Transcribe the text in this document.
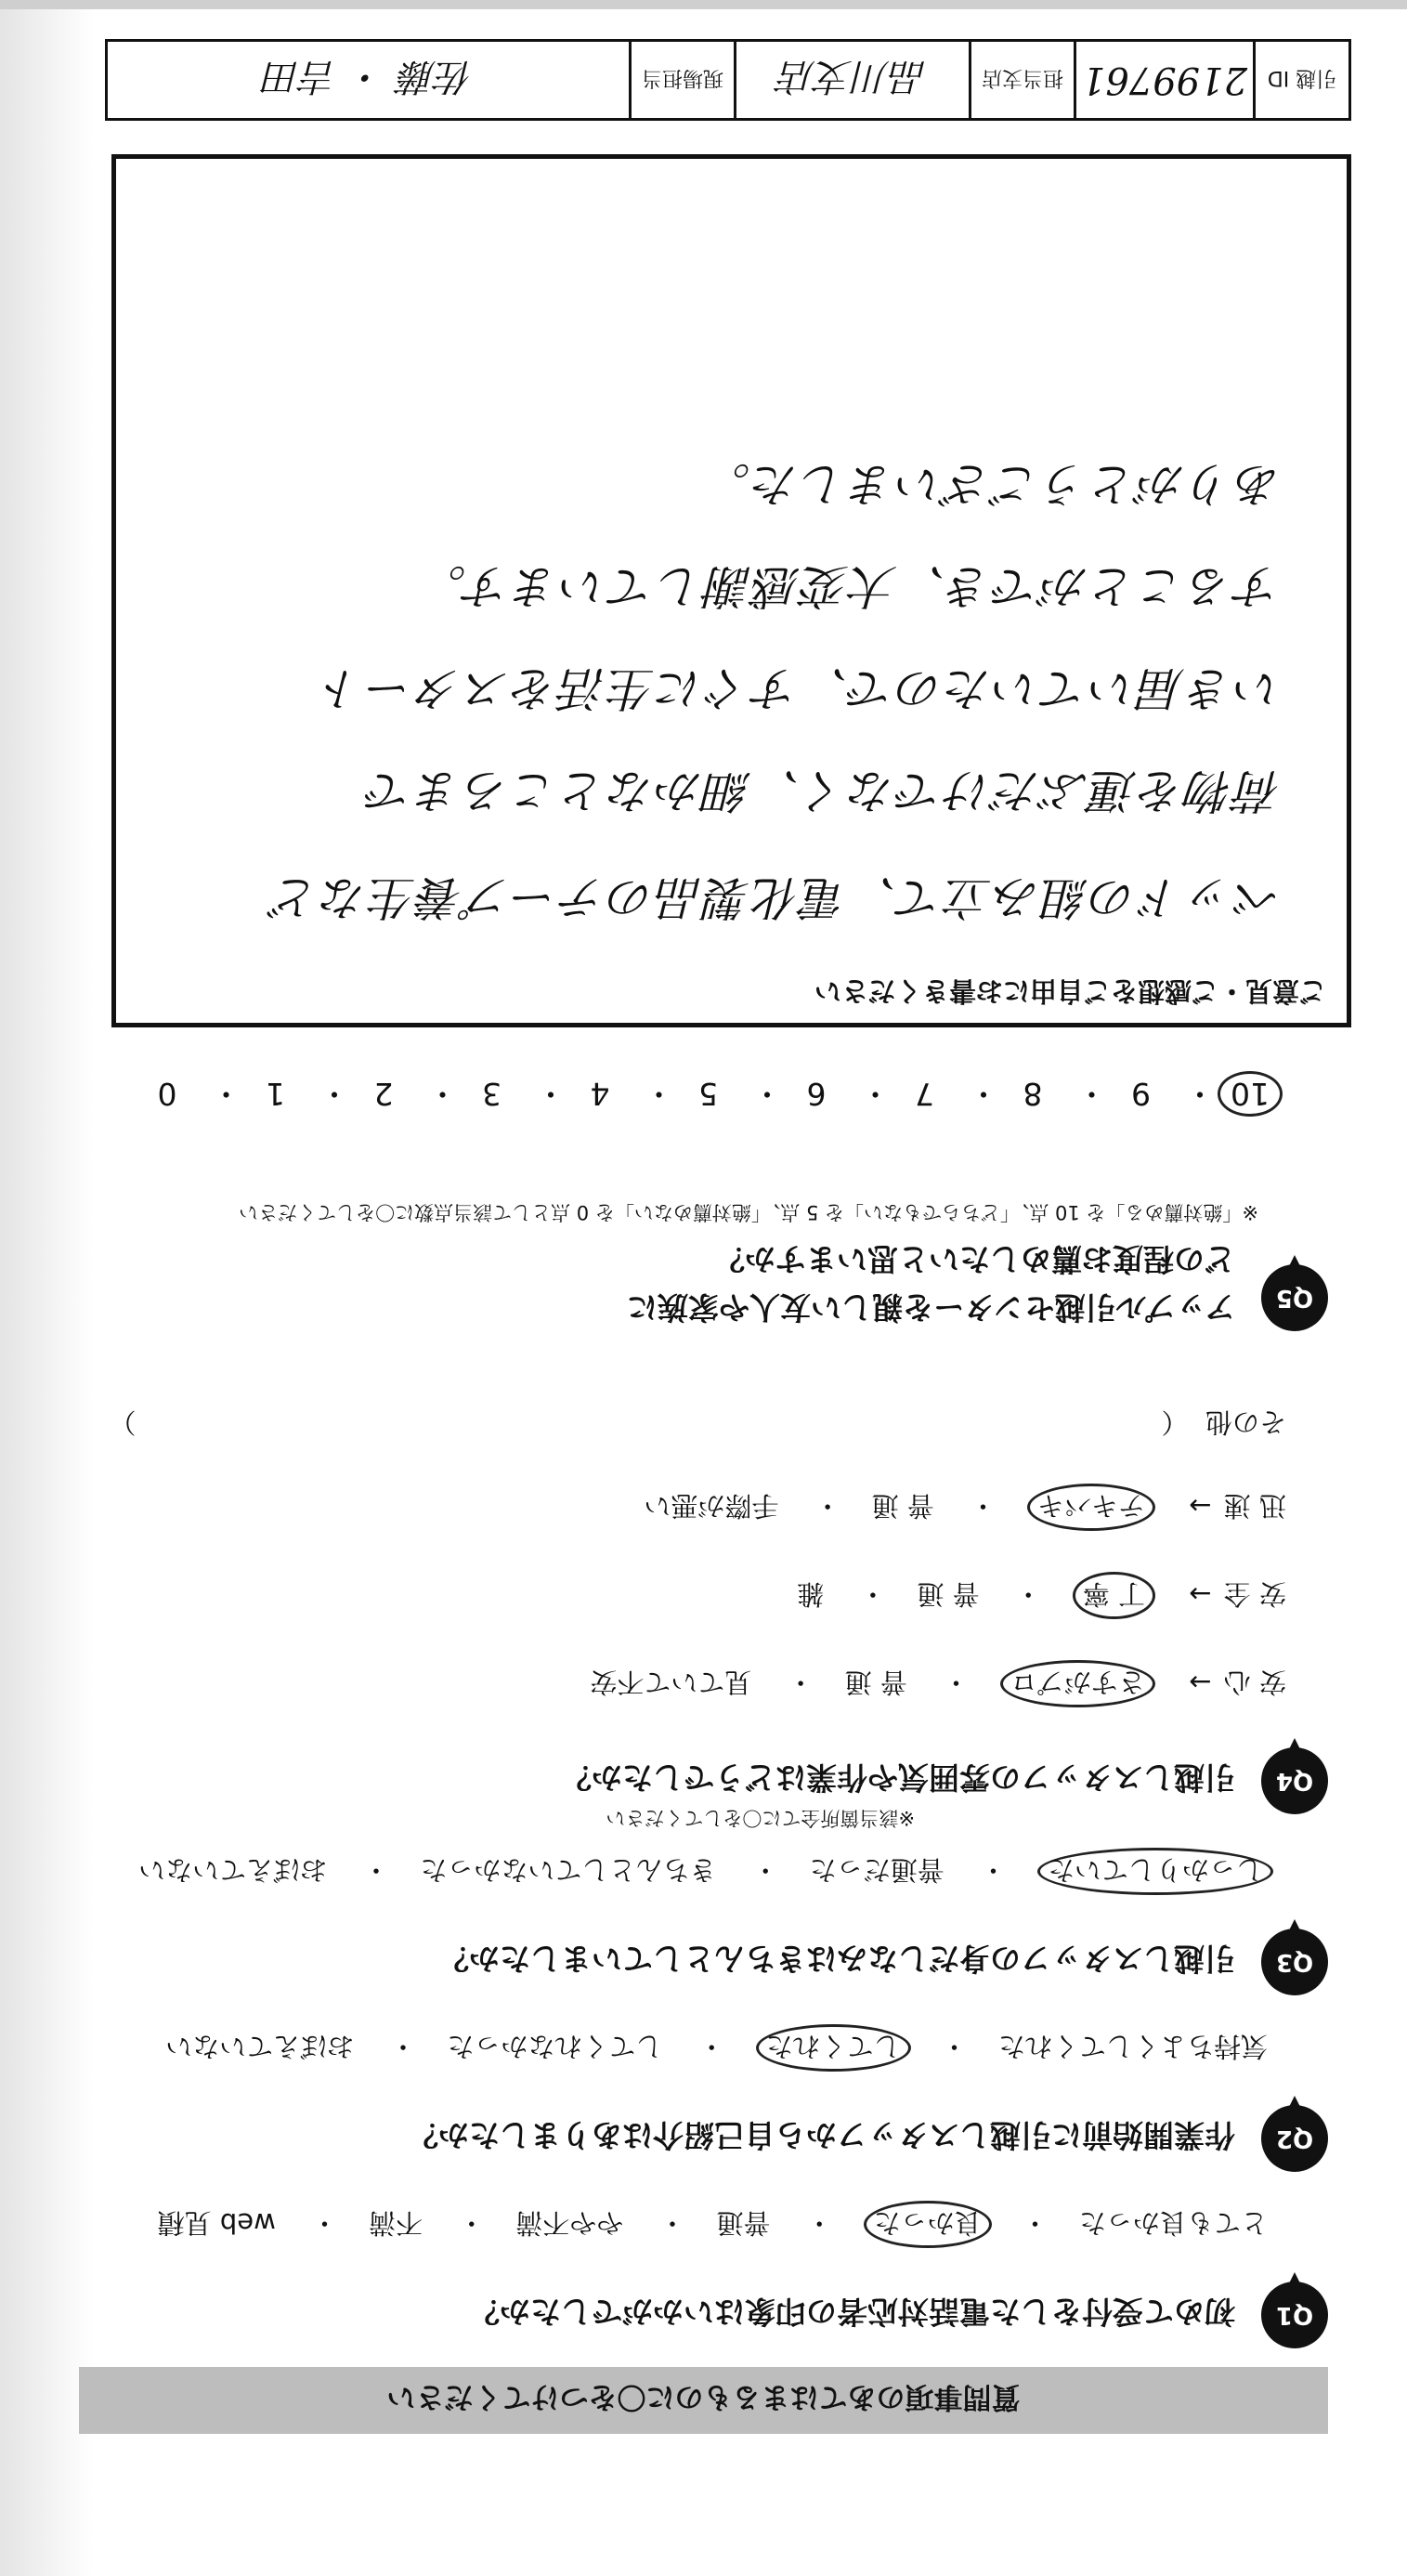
質問事項のあてはまるものに〇をつけてください
Q1
初めて受付をした電話対応者の印象はいかがでしたか？
とても良かった　・　 良かった　・　 普通　・　 やや不満　・　 不満　・　 web 見積
Q2
作業開始前に引越しスタッフから自己紹介はありましたか？
気持ちよくしてくれた　・　 してくれた　・　 してくれなかった　・　 おぼえていない
Q3
引越しスタッフの身だしなみはきちんとしていましたか？
しっかりしていた　・　 普通だった　・　 きちんとしていなかった　・　 おぼえていない
Q4
引越しスタッフの雰囲気や作業はどうでしたか？
※該当箇所全てに〇をしてください
安 心 →　 さすがプロ　・　 普 通　・　 見ていて不安
安 全 →　 丁 寧　・　 普 通　・　 雑
迅 速 →　 テキパキ　・　 普 通　・　 手際が悪い
その他　（）
Q5
アップル引越センターを親しい友人や家族に
どの程度お薦めしたいと思いますか？
※「絶対薦める」を 10 点、「どちらでもない」を 5 点、「絶対薦めない」を 0 点として該当点数に〇をしてください
10・ 9・ 8・ 7・ 6・ 5・ 4・ 3・ 2・ 1・ 0
ご意見・ご感想をご自由にお書きください
ベッドの組み立て、電化製品のテープ養生など
荷物を運ぶだけでなく、細かなところまで
いき届いていたので、すぐに生活をスタート
することができ、大変感謝しています。
ありがとうございました。
引越 ID
2199761
担当支店
品川支店
現場担当
佐藤 ・ 吉田
